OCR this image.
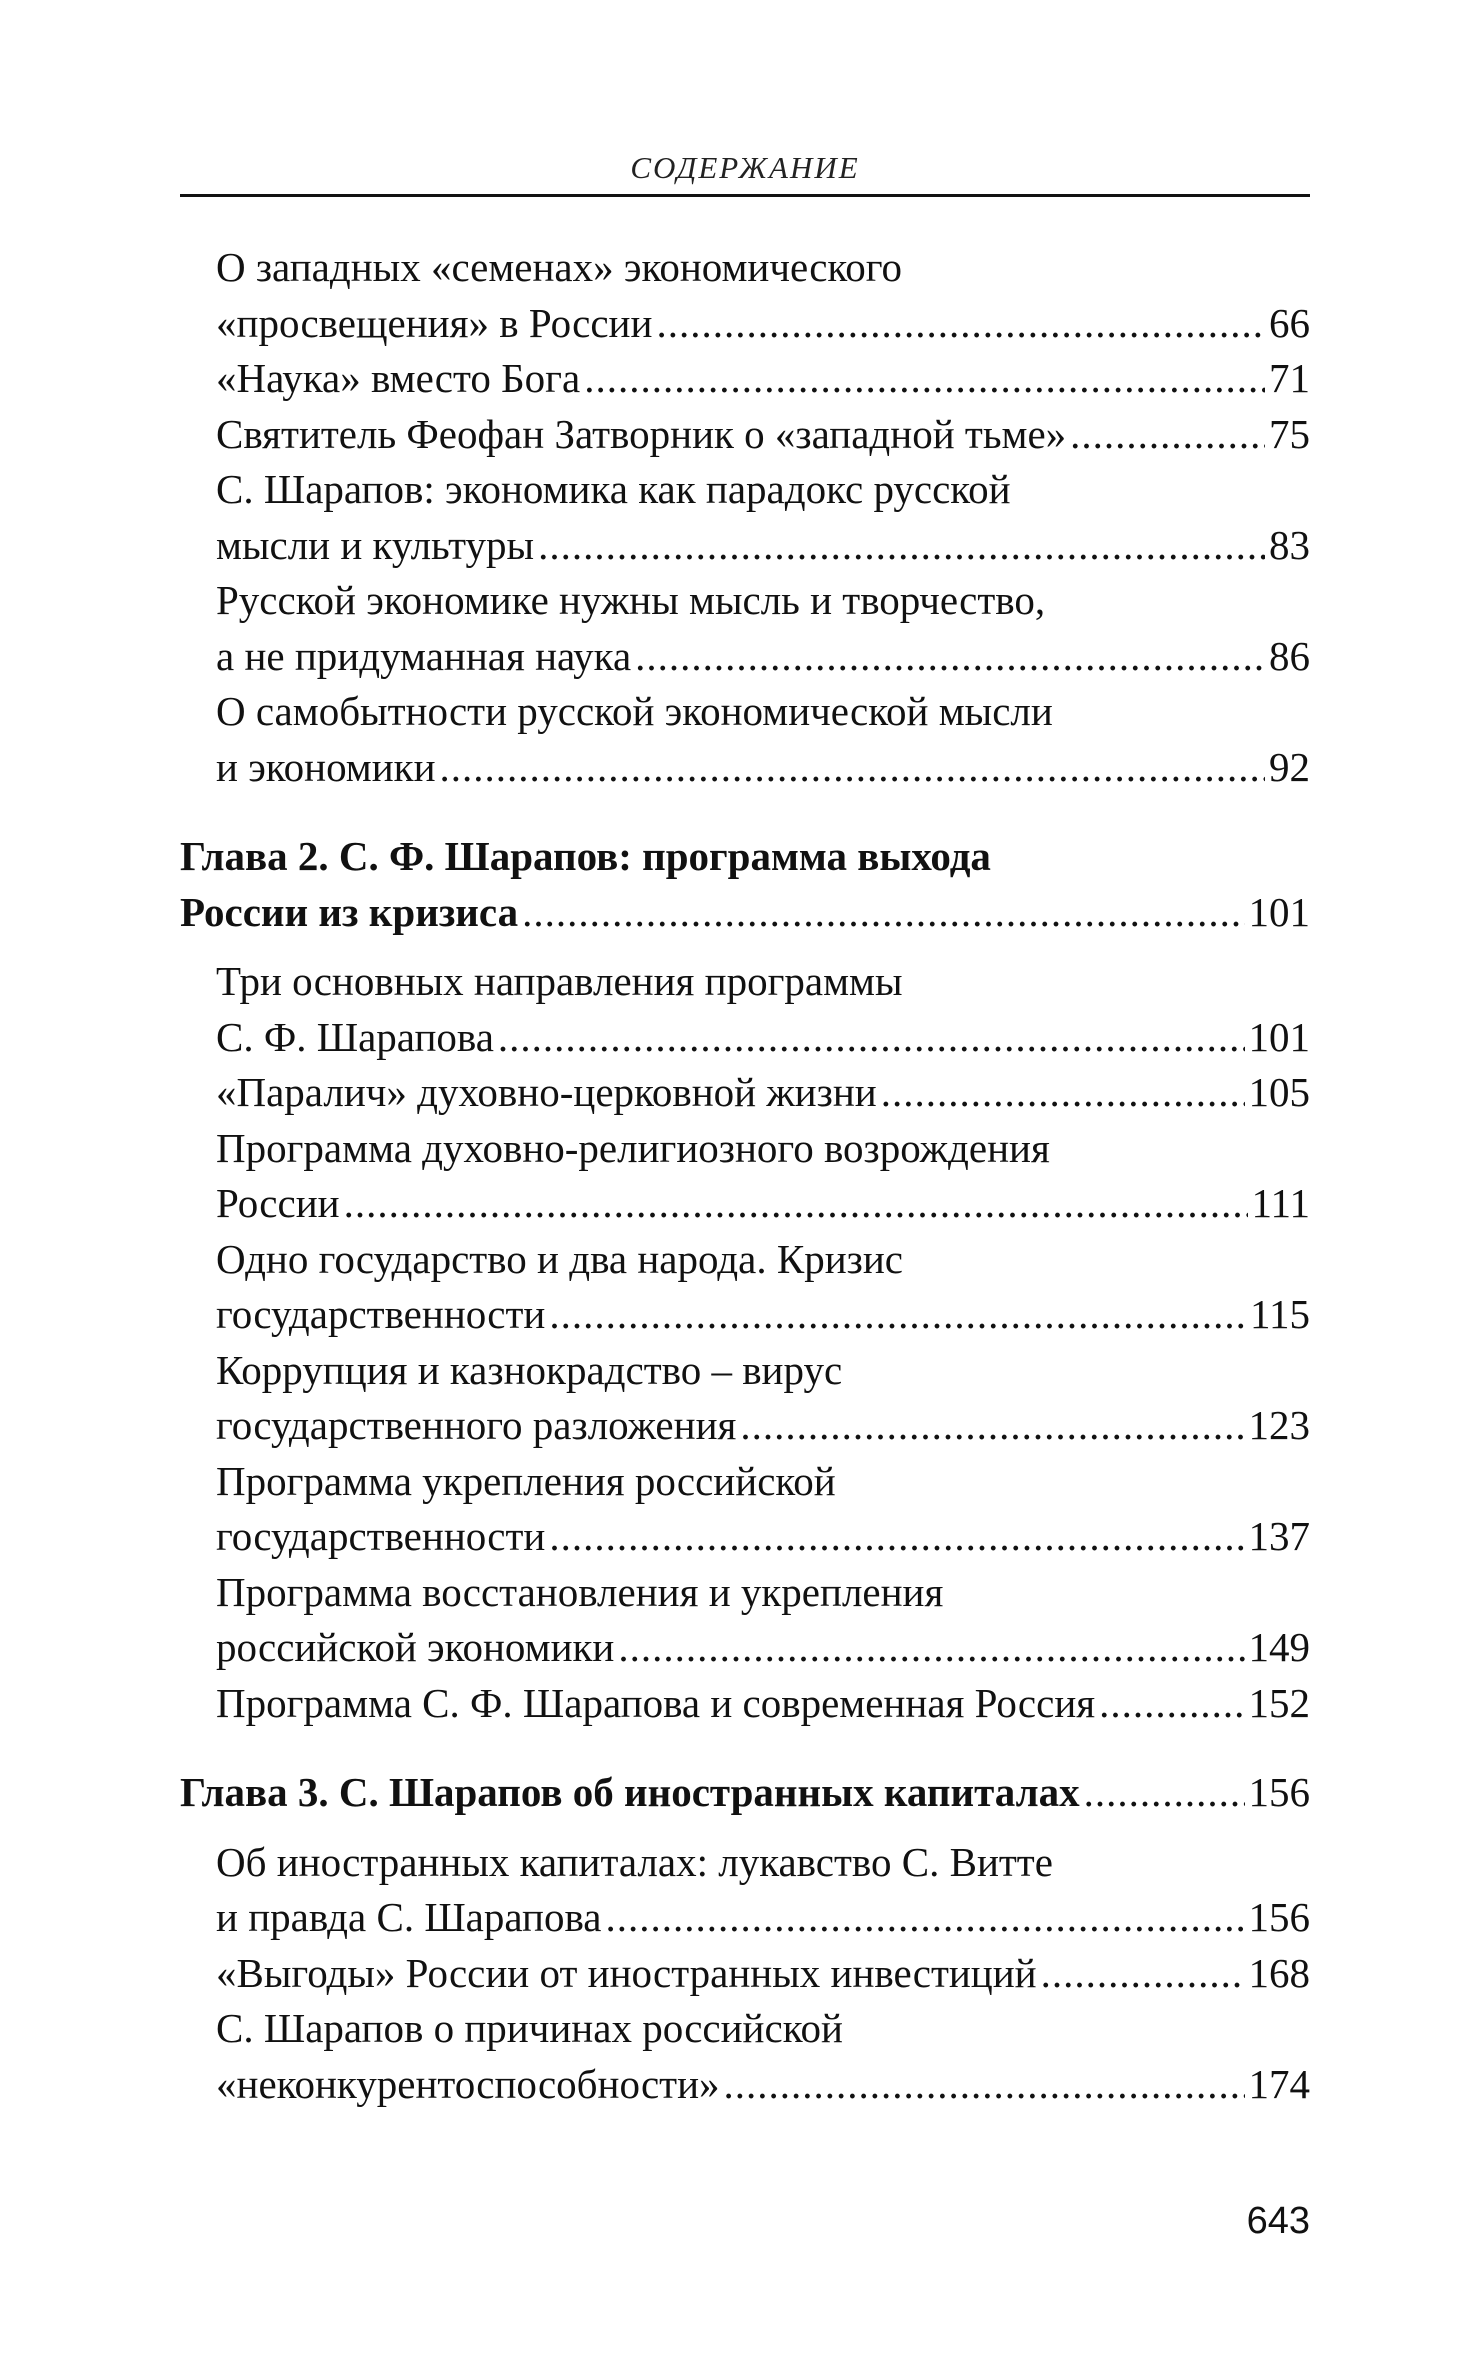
СОДЕРЖАНИЕ
О западных «семенах» экономического
«просвещения» в России .....	66
«Наука» вместо Бога .....	71
Святитель Феофан Затворник о «западной тьме» .....	75
С. Шарапов: экономика как парадокс русской
мысли и культуры .....	83
Русской экономике нужны мысль и творчество,
а не придуманная наука .....	86
О самобытности русской экономической мысли
и экономики .....	92
Глава 2. С. Ф. Шарапов: программа выхода
России из кризиса .....	101
Три основных направления программы
С. Ф. Шарапова .....	101
«Паралич» духовно-церковной жизни .....	105
Программа духовно-религиозного возрождения
России .....	111
Одно государство и два народа. Кризис
государственности .....	115
Коррупция и казнокрадство – вирус
государственного разложения .....	123
Программа укрепления российской
государственности .....	137
Программа восстановления и укрепления
российской экономики .....	149
Программа С. Ф. Шарапова и современная Россия .....	152
Глава 3. С. Шарапов об иностранных капиталах .....	156
Об иностранных капиталах: лукавство С. Витте
и правда С. Шарапова .....	156
«Выгоды» России от иностранных инвестиций .....	168
С. Шарапов о причинах российской
«неконкурентоспособности» .....	174
643
